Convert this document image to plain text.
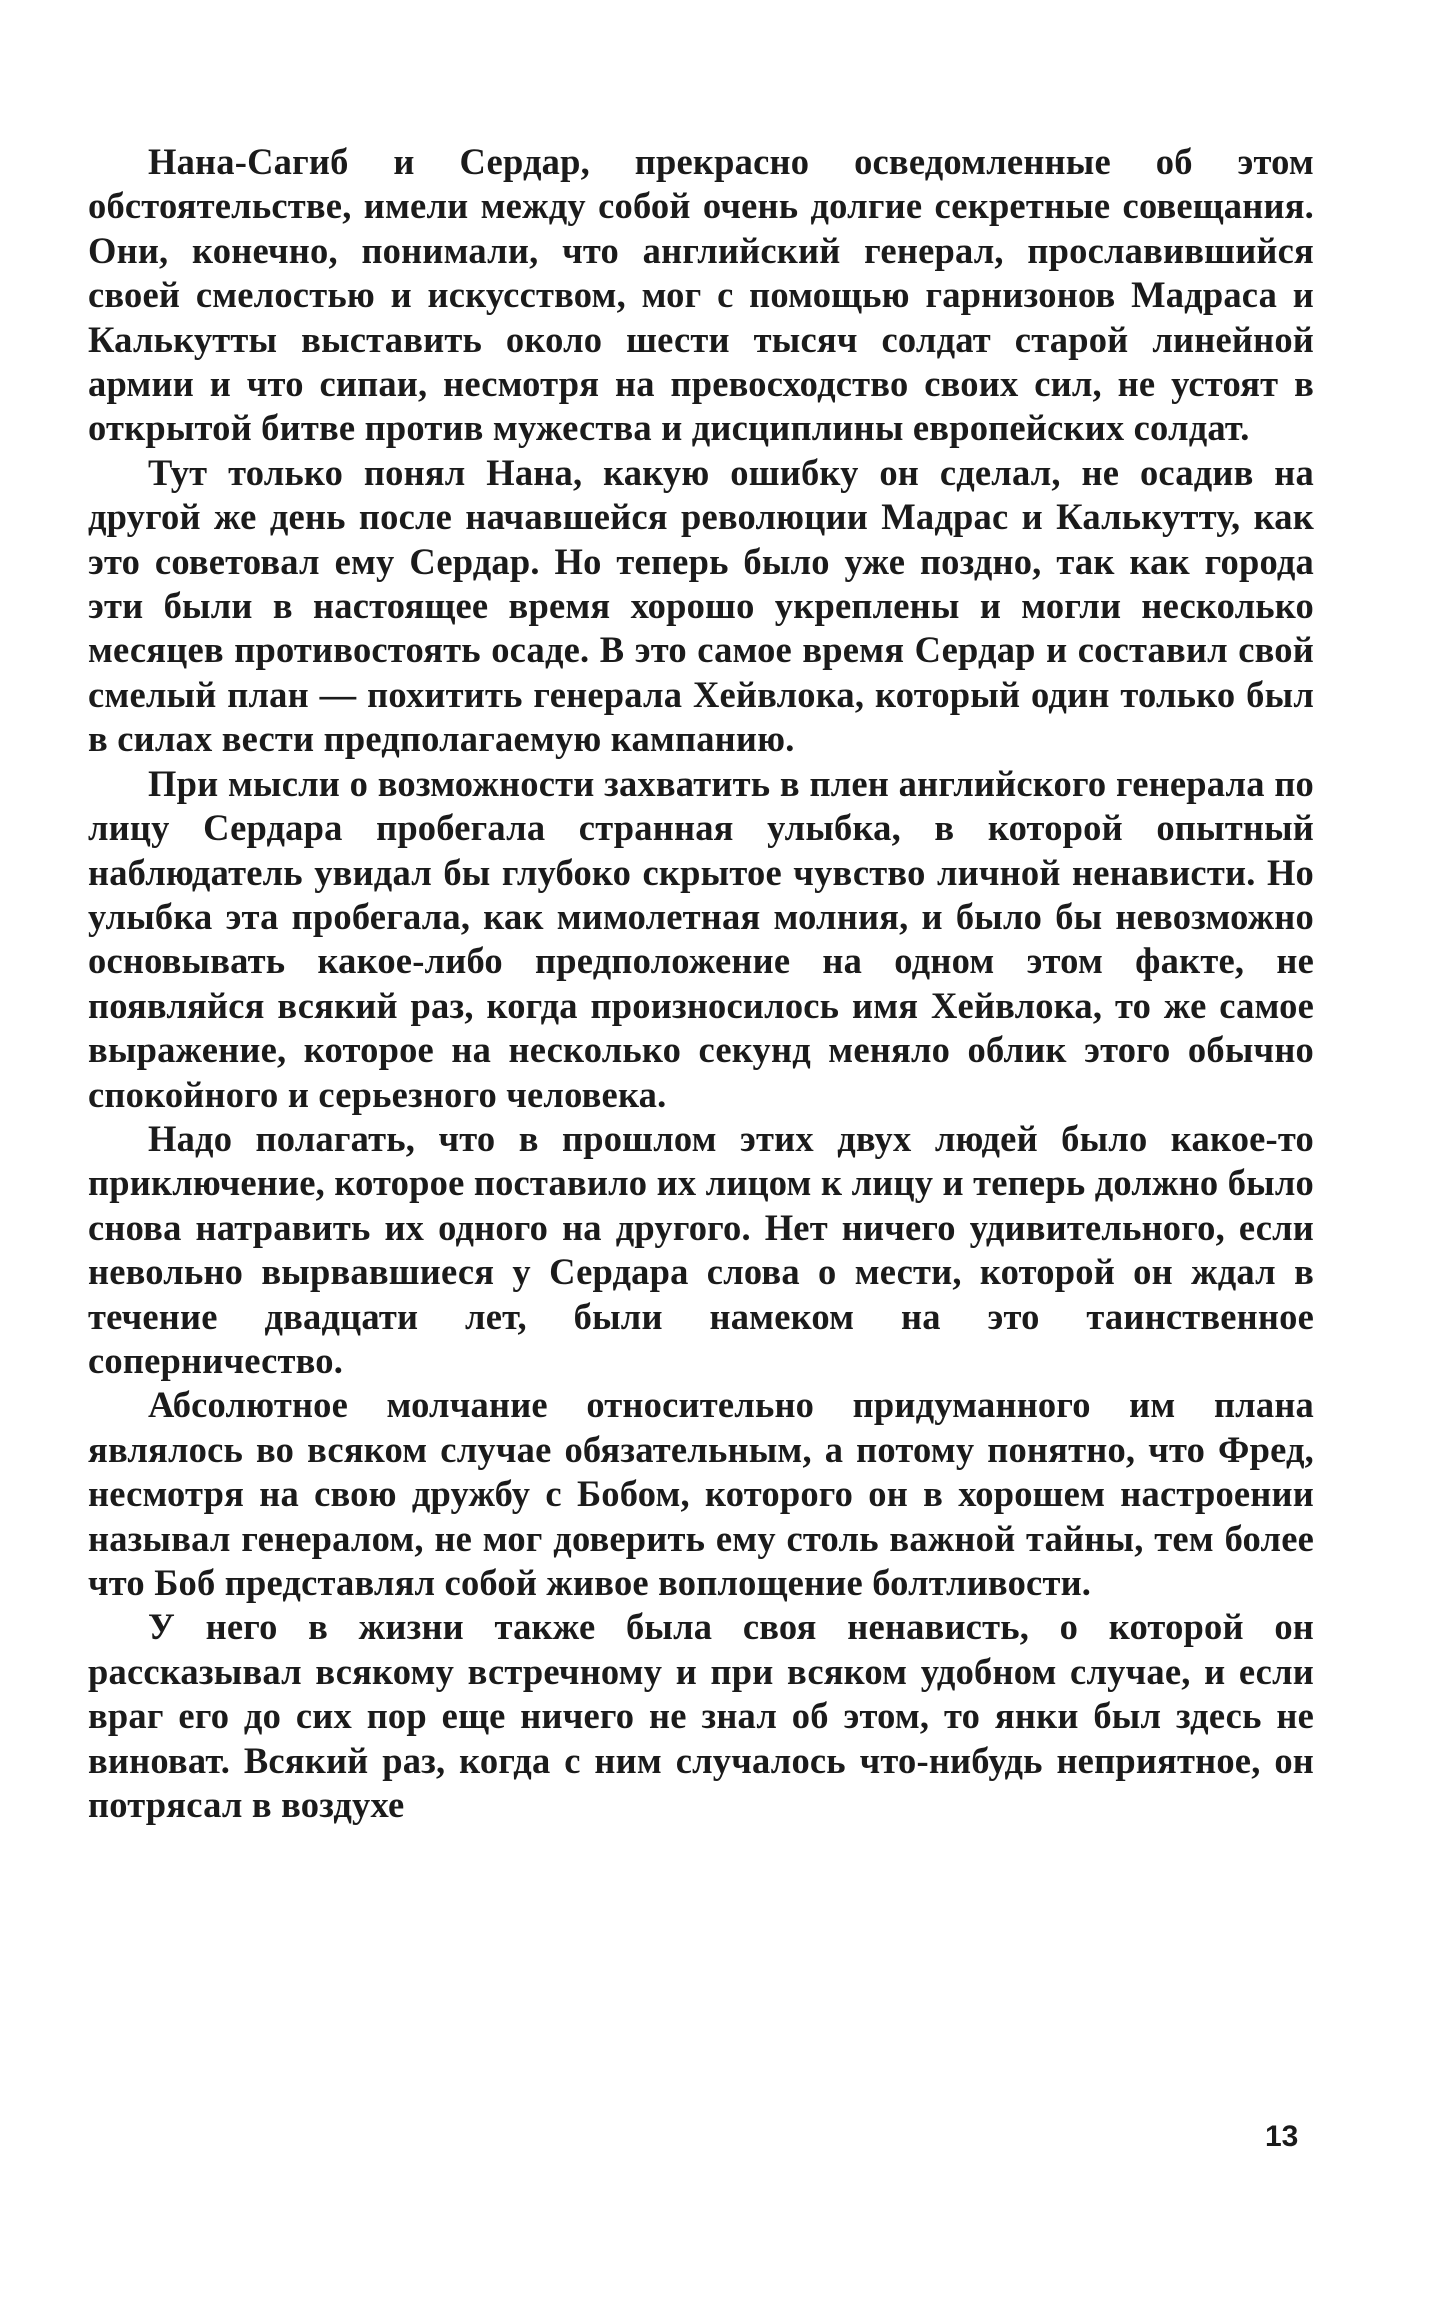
Нана-Сагиб и Сердар, прекрасно осведомленные об этом обстоятельстве, имели между собой очень долгие секретные совещания. Они, конечно, понимали, что английский генерал, прославившийся своей смелостью и искусством, мог с помощью гарнизонов Мадраса и Калькутты выставить около шести тысяч солдат старой линейной армии и что сипаи, несмотря на превосходство своих сил, не устоят в открытой битве против мужества и дисциплины европейских солдат.

Тут только понял Нана, какую ошибку он сделал, не осадив на другой же день после начавшейся революции Мадрас и Калькутту, как это советовал ему Сердар. Но теперь было уже поздно, так как города эти были в настоящее время хорошо укреплены и могли несколько месяцев противостоять осаде. В это самое время Сердар и составил свой смелый план — похитить генерала Хейвлока, который один только был в силах вести предполагаемую кампанию.

При мысли о возможности захватить в плен английского генерала по лицу Сердара пробегала странная улыбка, в которой опытный наблюдатель увидал бы глубоко скрытое чувство личной ненависти. Но улыбка эта пробегала, как мимолетная молния, и было бы невозможно основывать какое-либо предположение на одном этом факте, не появляйся всякий раз, когда произносилось имя Хейвлока, то же самое выражение, которое на несколько секунд меняло облик этого обычно спокойного и серьезного человека.

Надо полагать, что в прошлом этих двух людей было какое-то приключение, которое поставило их лицом к лицу и теперь должно было снова натравить их одного на другого. Нет ничего удивительного, если невольно вырвавшиеся у Сердара слова о мести, которой он ждал в течение двадцати лет, были намеком на это таинственное соперничество.

Абсолютное молчание относительно придуманного им плана являлось во всяком случае обязательным, а потому понятно, что Фред, несмотря на свою дружбу с Бобом, которого он в хорошем настроении называл генералом, не мог доверить ему столь важной тайны, тем более что Боб представлял собой живое воплощение болтливости.

У него в жизни также была своя ненависть, о которой он рассказывал всякому встречному и при всяком удобном случае, и если враг его до сих пор еще ничего не знал об этом, то янки был здесь не виноват. Всякий раз, когда с ним случалось что-нибудь неприятное, он потрясал в воздухе

13
